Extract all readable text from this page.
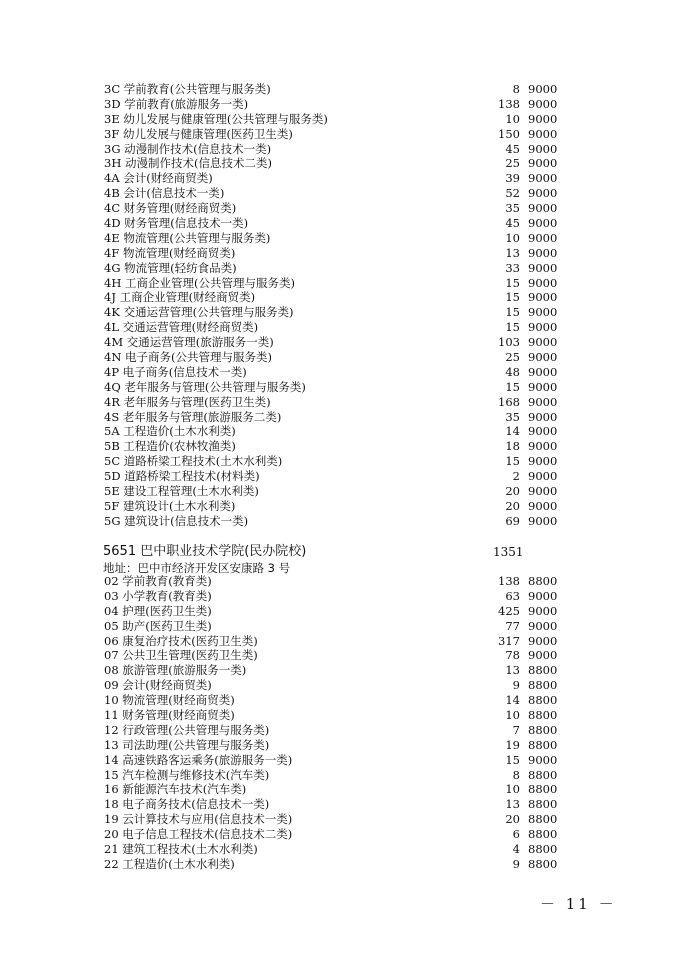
3C 学前教育(公共管理与服务类)	8 9000
3D 学前教育(旅游服务一类)	138 9000
3E 幼儿发展与健康管理(公共管理与服务类)	10 9000
3F 幼儿发展与健康管理(医药卫生类)	150 9000
3G 动漫制作技术(信息技术一类)	45 9000
3H 动漫制作技术(信息技术二类)	25 9000
4A 会计(财经商贸类)	39 9000
4B 会计(信息技术一类)	52 9000
4C 财务管理(财经商贸类)	35 9000
4D 财务管理(信息技术一类)	45 9000
4E 物流管理(公共管理与服务类)	10 9000
4F 物流管理(财经商贸类)	13 9000
4G 物流管理(轻纺食品类)	33 9000
4H 工商企业管理(公共管理与服务类)	15 9000
4J 工商企业管理(财经商贸类)	15 9000
4K 交通运营管理(公共管理与服务类)	15 9000
4L 交通运营管理(财经商贸类)	15 9000
4M 交通运营管理(旅游服务一类)	103 9000
4N 电子商务(公共管理与服务类)	25 9000
4P 电子商务(信息技术一类)	48 9000
4Q 老年服务与管理(公共管理与服务类)	15 9000
4R 老年服务与管理(医药卫生类)	168 9000
4S 老年服务与管理(旅游服务二类)	35 9000
5A 工程造价(土木水利类)	14 9000
5B 工程造价(农林牧渔类)	18 9000
5C 道路桥梁工程技术(土木水利类)	15 9000
5D 道路桥梁工程技术(材料类)	2 9000
5E 建设工程管理(土木水利类)	20 9000
5F 建筑设计(土木水利类)	20 9000
5G 建筑设计(信息技术一类)	69 9000
5651 巴中职业技术学院(民办院校)	1351
地址：巴中市经济开发区安康路 3 号
02 学前教育(教育类)	138 8800
03 小学教育(教育类)	63 9000
04 护理(医药卫生类)	425 9000
05 助产(医药卫生类)	77 9000
06 康复治疗技术(医药卫生类)	317 9000
07 公共卫生管理(医药卫生类)	78 9000
08 旅游管理(旅游服务一类)	13 8800
09 会计(财经商贸类)	9 8800
10 物流管理(财经商贸类)	14 8800
11 财务管理(财经商贸类)	10 8800
12 行政管理(公共管理与服务类)	7 8800
13 司法助理(公共管理与服务类)	19 8800
14 高速铁路客运乘务(旅游服务一类)	15 9000
15 汽车检测与维修技术(汽车类)	8 8800
16 新能源汽车技术(汽车类)	10 8800
18 电子商务技术(信息技术一类)	13 8800
19 云计算技术与应用(信息技术一类)	20 8800
20 电子信息工程技术(信息技术二类)	6 8800
21 建筑工程技术(土木水利类)	4 8800
22 工程造价(土木水利类)	9 8800
－ 11 －
